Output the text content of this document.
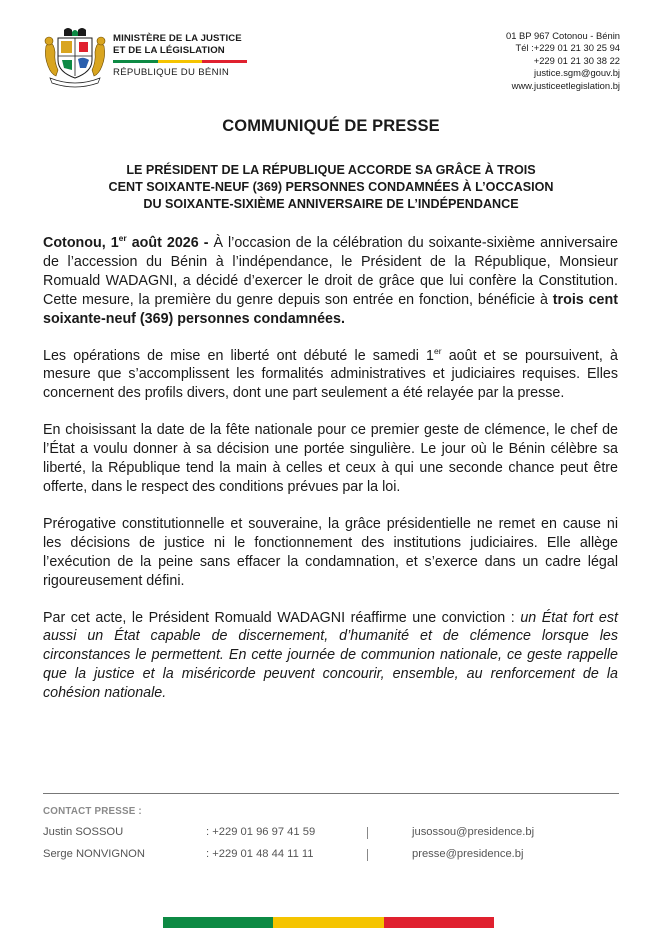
MINISTÈRE DE LA JUSTICE
ET DE LA LÉGISLATION
RÉPUBLIQUE DU BÉNIN
01 BP 967 Cotonou - Bénin
Tél :+229 01 21 30 25 94
+229 01 21 30 38 22
justice.sgm@gouv.bj
www.justiceetlegislation.bj
COMMUNIQUÉ DE PRESSE
LE PRÉSIDENT DE LA RÉPUBLIQUE ACCORDE SA GRÂCE À TROIS
CENT SOIXANTE-NEUF (369) PERSONNES CONDAMNÉES À L’OCCASION
DU SOIXANTE-SIXIÈME ANNIVERSAIRE DE L’INDÉPENDANCE

Cotonou, 1er août 2026 - À l’occasion de la célébration du soixante-sixième anniversaire de l’accession du Bénin à l’indépendance, le Président de la République, Monsieur Romuald WADAGNI, a décidé d’exercer le droit de grâce que lui confère la Constitution. Cette mesure, la première du genre depuis son entrée en fonction, bénéficie à trois cent soixante-neuf (369) personnes condamnées.

Les opérations de mise en liberté ont débuté le samedi 1er août et se poursuivent, à mesure que s’accomplissent les formalités administratives et judiciaires requises. Elles concernent des profils divers, dont une part seulement a été relayée par la presse.

En choisissant la date de la fête nationale pour ce premier geste de clémence, le chef de l’État a voulu donner à sa décision une portée singulière. Le jour où le Bénin célèbre sa liberté, la République tend la main à celles et ceux à qui une seconde chance peut être offerte, dans le respect des conditions prévues par la loi.

Prérogative constitutionnelle et souveraine, la grâce présidentielle ne remet en cause ni les décisions de justice ni le fonctionnement des institutions judiciaires. Elle allège l’exécution de la peine sans effacer la condamnation, et s’exerce dans un cadre légal rigoureusement défini.

Par cet acte, le Président Romuald WADAGNI réaffirme une conviction : un État fort est aussi un État capable de discernement, d’humanité et de clémence lorsque les circonstances le permettent. En cette journée de communion nationale, ce geste rappelle que la justice et la miséricorde peuvent concourir, ensemble, au renforcement de la cohésion nationale.

CONTACT PRESSE :
Justin SOSSOU	: +229 01 96 97 41 59	jusossou@presidence.bj
Serge NONVIGNON	: +229 01 48 44 11 11	presse@presidence.bj
